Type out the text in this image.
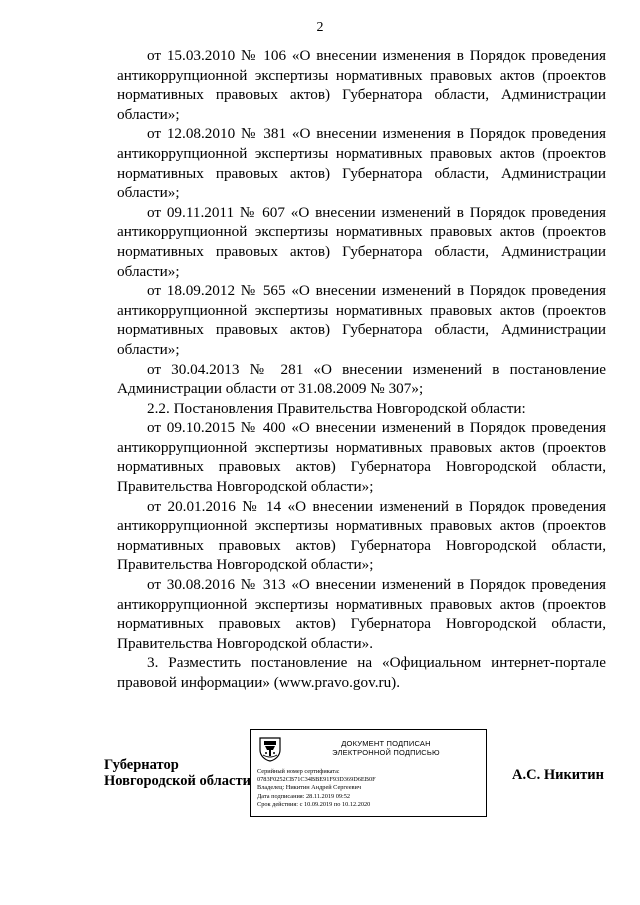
2

от 15.03.2010 № 106 «О внесении изменения в Порядок проведения антикоррупционной экспертизы нормативных правовых актов (проектов нормативных правовых актов) Губернатора области, Администрации области»;

от 12.08.2010 № 381 «О внесении изменения в Порядок проведения антикоррупционной экспертизы нормативных правовых актов (проектов нормативных правовых актов) Губернатора области, Администрации области»;

от 09.11.2011 № 607 «О внесении изменений в Порядок проведения антикоррупционной экспертизы нормативных правовых актов (проектов нормативных правовых актов) Губернатора области, Администрации области»;

от 18.09.2012 № 565 «О внесении изменений в Порядок проведения антикоррупционной экспертизы нормативных правовых актов (проектов нормативных правовых актов) Губернатора области, Администрации области»;

от 30.04.2013 № 281 «О внесении изменений в постановление Администрации области от 31.08.2009 № 307»;

2.2. Постановления Правительства Новгородской области:

от 09.10.2015 № 400 «О внесении изменений в Порядок проведения антикоррупционной экспертизы нормативных правовых актов (проектов нормативных правовых актов) Губернатора Новгородской области, Правительства Новгородской области»;

от 20.01.2016 № 14 «О внесении изменений в Порядок проведения антикоррупционной экспертизы нормативных правовых актов (проектов нормативных правовых актов) Губернатора Новгородской области, Правительства Новгородской области»;

от 30.08.2016 № 313 «О внесении изменений в Порядок проведения антикоррупционной экспертизы нормативных правовых актов (проектов нормативных правовых актов) Губернатора Новгородской области, Правительства Новгородской области».

3. Разместить постановление на «Официальном интернет-портале правовой информации» (www.pravo.gov.ru).

Губернатор
Новгородской области
ДОКУМЕНТ ПОДПИСАН
ЭЛЕКТРОННОЙ ПОДПИСЬЮ
Серийный номер сертификата:
0783F0252CB71C34BBE91F93D369D6EB0F
Владелец: Никитин Андрей Сергеевич
Дата подписания: 28.11.2019 09:52
Срок действия: с 10.09.2019 по 10.12.2020
А.С. Никитин
